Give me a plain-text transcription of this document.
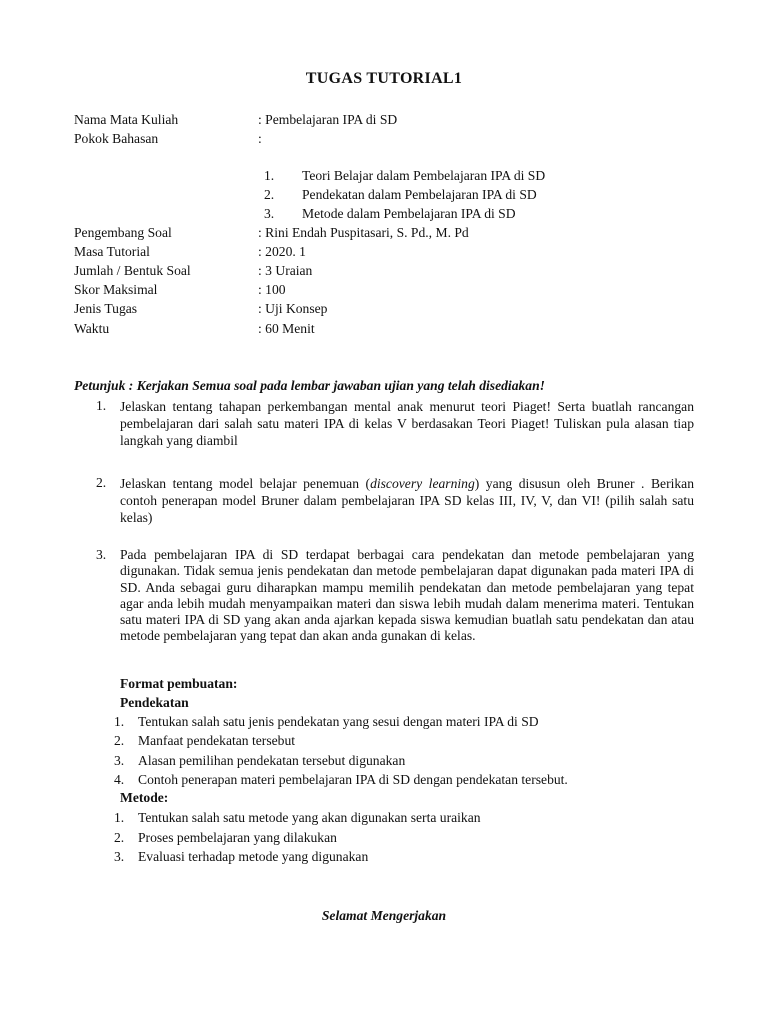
TUGAS TUTORIAL1
Nama Mata Kuliah	: Pembelajaran IPA di SD
Pokok Bahasan	:
1.	Teori Belajar dalam Pembelajaran IPA di SD
2.	Pendekatan dalam Pembelajaran IPA di SD
3.	Metode dalam Pembelajaran IPA di SD
Pengembang Soal	: Rini Endah Puspitasari, S. Pd., M. Pd
Masa Tutorial	: 2020. 1
Jumlah / Bentuk Soal	: 3 Uraian
Skor Maksimal	: 100
Jenis Tugas	: Uji Konsep
Waktu	: 60 Menit
Petunjuk : Kerjakan Semua soal pada lembar jawaban ujian yang telah disediakan!
1. Jelaskan tentang tahapan perkembangan mental anak menurut teori Piaget! Serta buatlah rancangan pembelajaran dari salah satu materi IPA di kelas V berdasakan Teori Piaget! Tuliskan pula alasan tiap langkah yang diambil
2. Jelaskan tentang model belajar penemuan (discovery learning) yang disusun oleh Bruner . Berikan contoh penerapan model Bruner dalam pembelajaran IPA SD kelas III, IV, V, dan VI! (pilih salah satu kelas)
3. Pada pembelajaran IPA di SD terdapat berbagai cara pendekatan dan metode pembelajaran yang digunakan. Tidak semua jenis pendekatan dan metode pembelajaran dapat digunakan pada materi IPA di SD. Anda sebagai guru diharapkan mampu memilih pendekatan dan metode pembelajaran yang tepat agar anda lebih mudah menyampaikan materi dan siswa lebih mudah dalam menerima materi. Tentukan satu materi IPA di SD yang akan anda ajarkan kepada siswa kemudian buatlah satu pendekatan dan atau metode pembelajaran yang tepat dan akan anda gunakan di kelas.
Format pembuatan:
Pendekatan
1. Tentukan salah satu jenis pendekatan yang sesui dengan materi IPA di SD
2. Manfaat pendekatan tersebut
3. Alasan pemilihan pendekatan tersebut digunakan
4. Contoh penerapan materi pembelajaran IPA di SD dengan pendekatan tersebut.
Metode:
1. Tentukan salah satu metode yang akan digunakan serta uraikan
2. Proses pembelajaran yang dilakukan
3. Evaluasi terhadap metode yang digunakan
Selamat Mengerjakan
